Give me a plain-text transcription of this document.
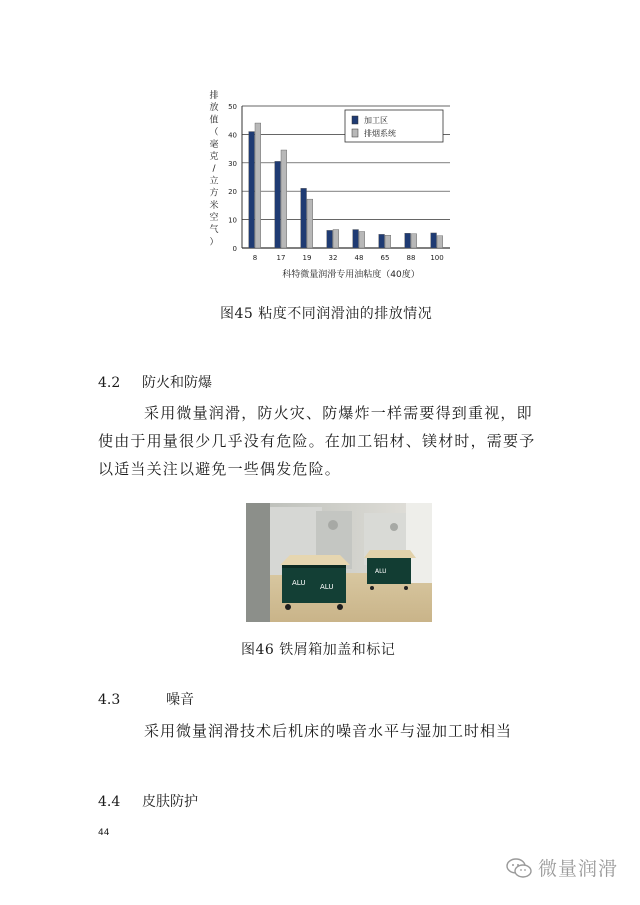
排
放
值
（
毫
克
/
立
方
米
空
气
）
0
10
20
30
40
50
8	17 19 32 48 65 88 100
加工区
排烟系统
科特微量润滑专用油粘度（40度）
图45 粘度不同润滑油的排放情况
4.2 防火和防爆
采用微量润滑，防火灾、防爆炸一样需要得到重视，即使由于用量很少几乎没有危险。在加工铝材、镁材时，需要予以适当关注以避免一些偶发危险。
ALU
ALU ALU
图46 铁屑箱加盖和标记
4.3	噪音
采用微量润滑技术后机床的噪音水平与湿加工时相当
4.4 皮肤防护
44
微量润滑
